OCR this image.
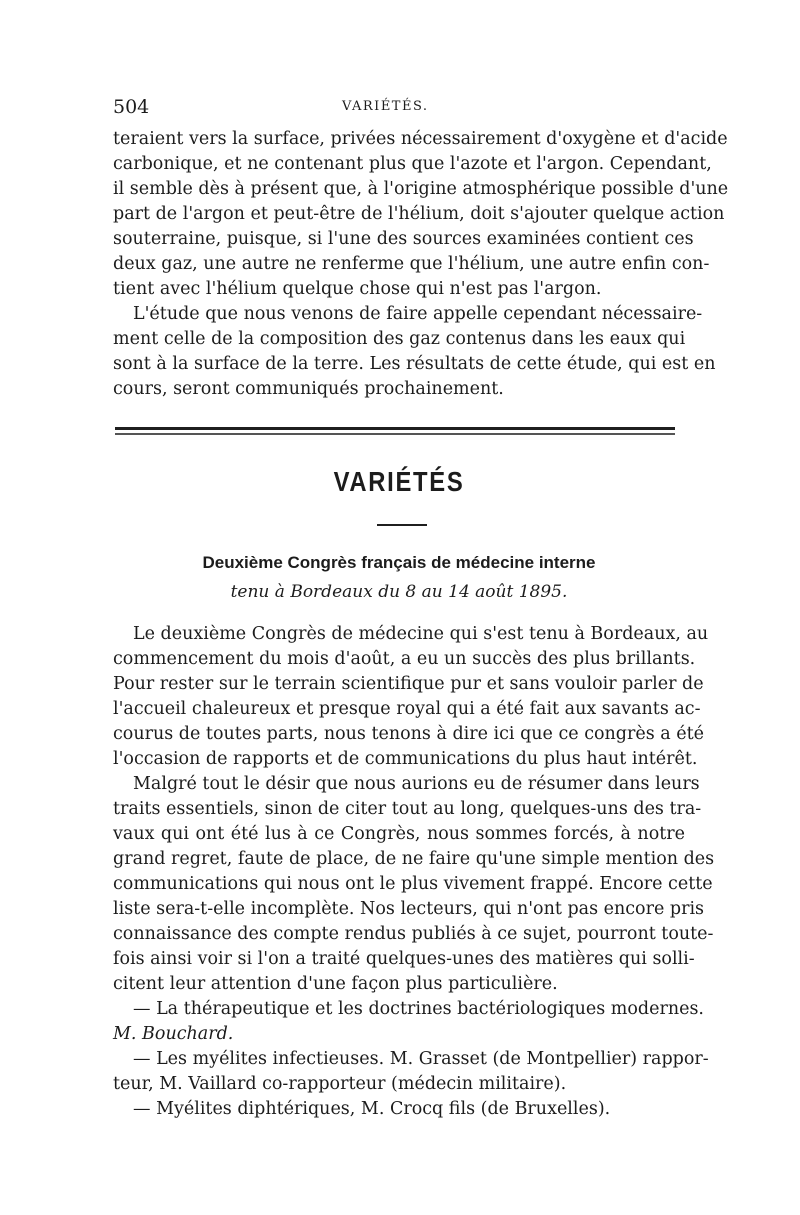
504	VARIÉTÉS.
teraient vers la surface, privées nécessairement d'oxygène et d'acide
carbonique, et ne contenant plus que l'azote et l'argon. Cependant,
il semble dès à présent que, à l'origine atmosphérique possible d'une
part de l'argon et peut-être de l'hélium, doit s'ajouter quelque action
souterraine, puisque, si l'une des sources examinées contient ces
deux gaz, une autre ne renferme que l'hélium, une autre enfin con-
tient avec l'hélium quelque chose qui n'est pas l'argon.
L'étude que nous venons de faire appelle cependant nécessaire-
ment celle de la composition des gaz contenus dans les eaux qui
sont à la surface de la terre. Les résultats de cette étude, qui est en
cours, seront communiqués prochainement.
VARIÉTÉS
Deuxième Congrès français de médecine interne
tenu à Bordeaux du 8 au 14 août 1895.
Le deuxième Congrès de médecine qui s'est tenu à Bordeaux, au
commencement du mois d'août, a eu un succès des plus brillants.
Pour rester sur le terrain scientifique pur et sans vouloir parler de
l'accueil chaleureux et presque royal qui a été fait aux savants ac-
courus de toutes parts, nous tenons à dire ici que ce congrès a été
l'occasion de rapports et de communications du plus haut intérêt.
Malgré tout le désir que nous aurions eu de résumer dans leurs
traits essentiels, sinon de citer tout au long, quelques-uns des tra-
vaux qui ont été lus à ce Congrès, nous sommes forcés, à notre
grand regret, faute de place, de ne faire qu'une simple mention des
communications qui nous ont le plus vivement frappé. Encore cette
liste sera-t-elle incomplète. Nos lecteurs, qui n'ont pas encore pris
connaissance des compte rendus publiés à ce sujet, pourront toute-
fois ainsi voir si l'on a traité quelques-unes des matières qui solli-
citent leur attention d'une façon plus particulière.
— La thérapeutique et les doctrines bactériologiques modernes.
M. Bouchard.
— Les myélites infectieuses. M. Grasset (de Montpellier) rappor-
teur, M. Vaillard co-rapporteur (médecin militaire).
— Myélites diphtériques, M. Crocq fils (de Bruxelles).
